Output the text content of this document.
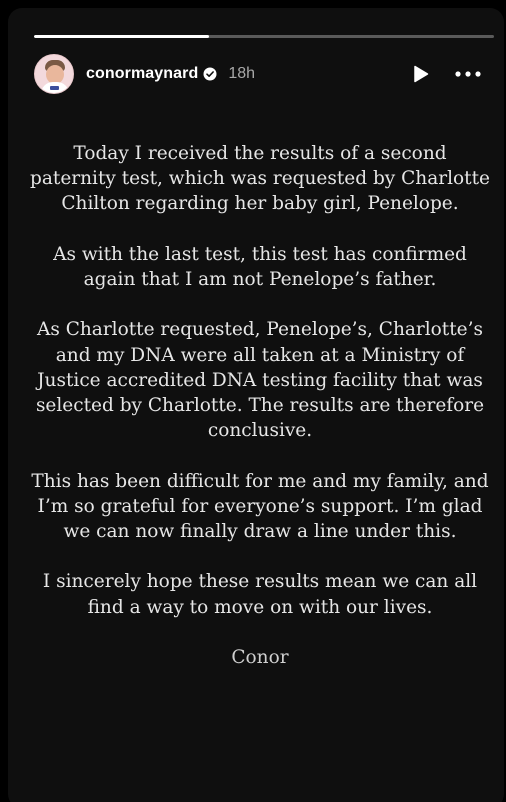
conormaynard 18h

Today I received the results of a second paternity test, which was requested by Charlotte Chilton regarding her baby girl, Penelope.

As with the last test, this test has confirmed again that I am not Penelope’s father.

As Charlotte requested, Penelope’s, Charlotte’s and my DNA were all taken at a Ministry of Justice accredited DNA testing facility that was selected by Charlotte. The results are therefore conclusive.

This has been difficult for me and my family, and I’m so grateful for everyone’s support. I’m glad we can now finally draw a line under this.

I sincerely hope these results mean we can all find a way to move on with our lives.

Conor
